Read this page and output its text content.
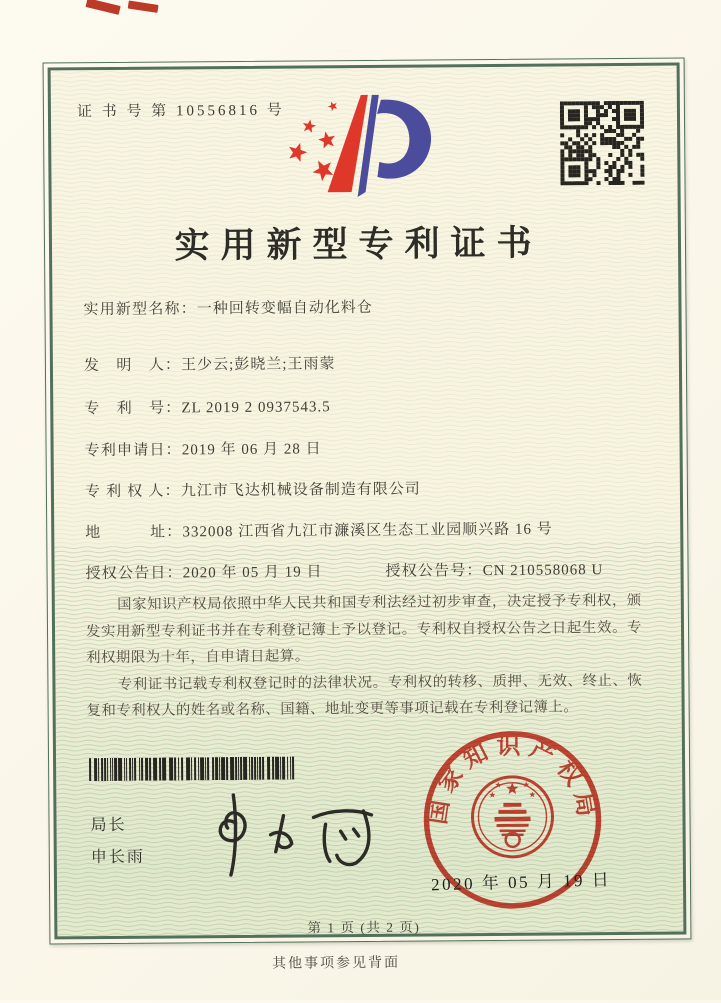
证 书 号 第 10556816 号
实用新型专利证书
实用新型名称：一种回转变幅自动化料仓
发　明　人：王少云;彭晓兰;王雨蒙
专　利　号：ZL 2019 2 0937543.5
专利申请日：2019 年 06 月 28 日
专 利 权 人：九江市飞达机械设备制造有限公司
地　　　址：332008 江西省九江市濂溪区生态工业园顺兴路 16 号
授权公告日：2020 年 05 月 19 日	授权公告号：CN 210558068 U

国家知识产权局依照中华人民共和国专利法经过初步审查，决定授予专利权，颁发实用新型专利证书并在专利登记簿上予以登记。专利权自授权公告之日起生效。专利权期限为十年，自申请日起算。

专利证书记载专利权登记时的法律状况。专利权的转移、质押、无效、终止、恢复和专利权人的姓名或名称、国籍、地址变更等事项记载在专利登记簿上。

局长
申长雨
国家知识产权局
2020 年 05 月 19 日
第 1 页 (共 2 页)
其他事项参见背面
